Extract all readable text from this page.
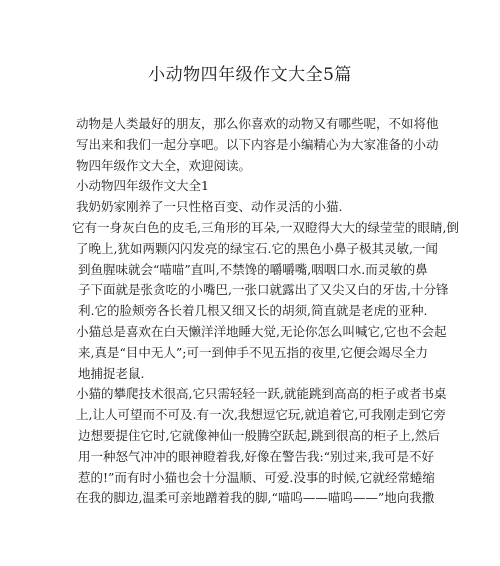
小动物四年级作文大全5篇

动物是人类最好的朋友，那么你喜欢的动物又有哪些呢，不如将他

写出来和我们一起分享吧。以下内容是小编精心为大家准备的小动

物四年级作文大全，欢迎阅读。

小动物四年级作文大全1

我奶奶家刚养了一只性格百变、动作灵活的小猫.

它有一身灰白色的皮毛,三角形的耳朵,一双瞪得大大的绿莹莹的眼睛,倒

了晚上,犹如两颗闪闪发亮的绿宝石.它的黑色小鼻子极其灵敏,一闻

到鱼腥味就会“喵喵”直叫,不禁馋的嚼嚼嘴,咽咽口水.而灵敏的鼻

子下面就是张贪吃的小嘴巴,一张口就露出了又尖又白的牙齿,十分锋

利.它的脸颊旁各长着几根又细又长的胡须,简直就是老虎的亚种.

小猫总是喜欢在白天懒洋洋地睡大觉,无论你怎么叫喊它,它也不会起

来,真是“目中无人”;可一到伸手不见五指的夜里,它便会竭尽全力

地捕捉老鼠.

小猫的攀爬技术很高,它只需轻轻一跃,就能跳到高高的柜子或者书桌

上,让人可望而不可及.有一次,我想逗它玩,就追着它,可我刚走到它旁

边想要提住它时,它就像神仙一般腾空跃起,跳到很高的柜子上,然后

用一种怒气冲冲的眼神瞪着我,好像在警告我:“别过来,我可是不好

惹的!”而有时小猫也会十分温顺、可爱.没事的时候,它就经常蜷缩

在我的脚边,温柔可亲地蹭着我的脚,“喵呜——喵呜——”地向我撒
